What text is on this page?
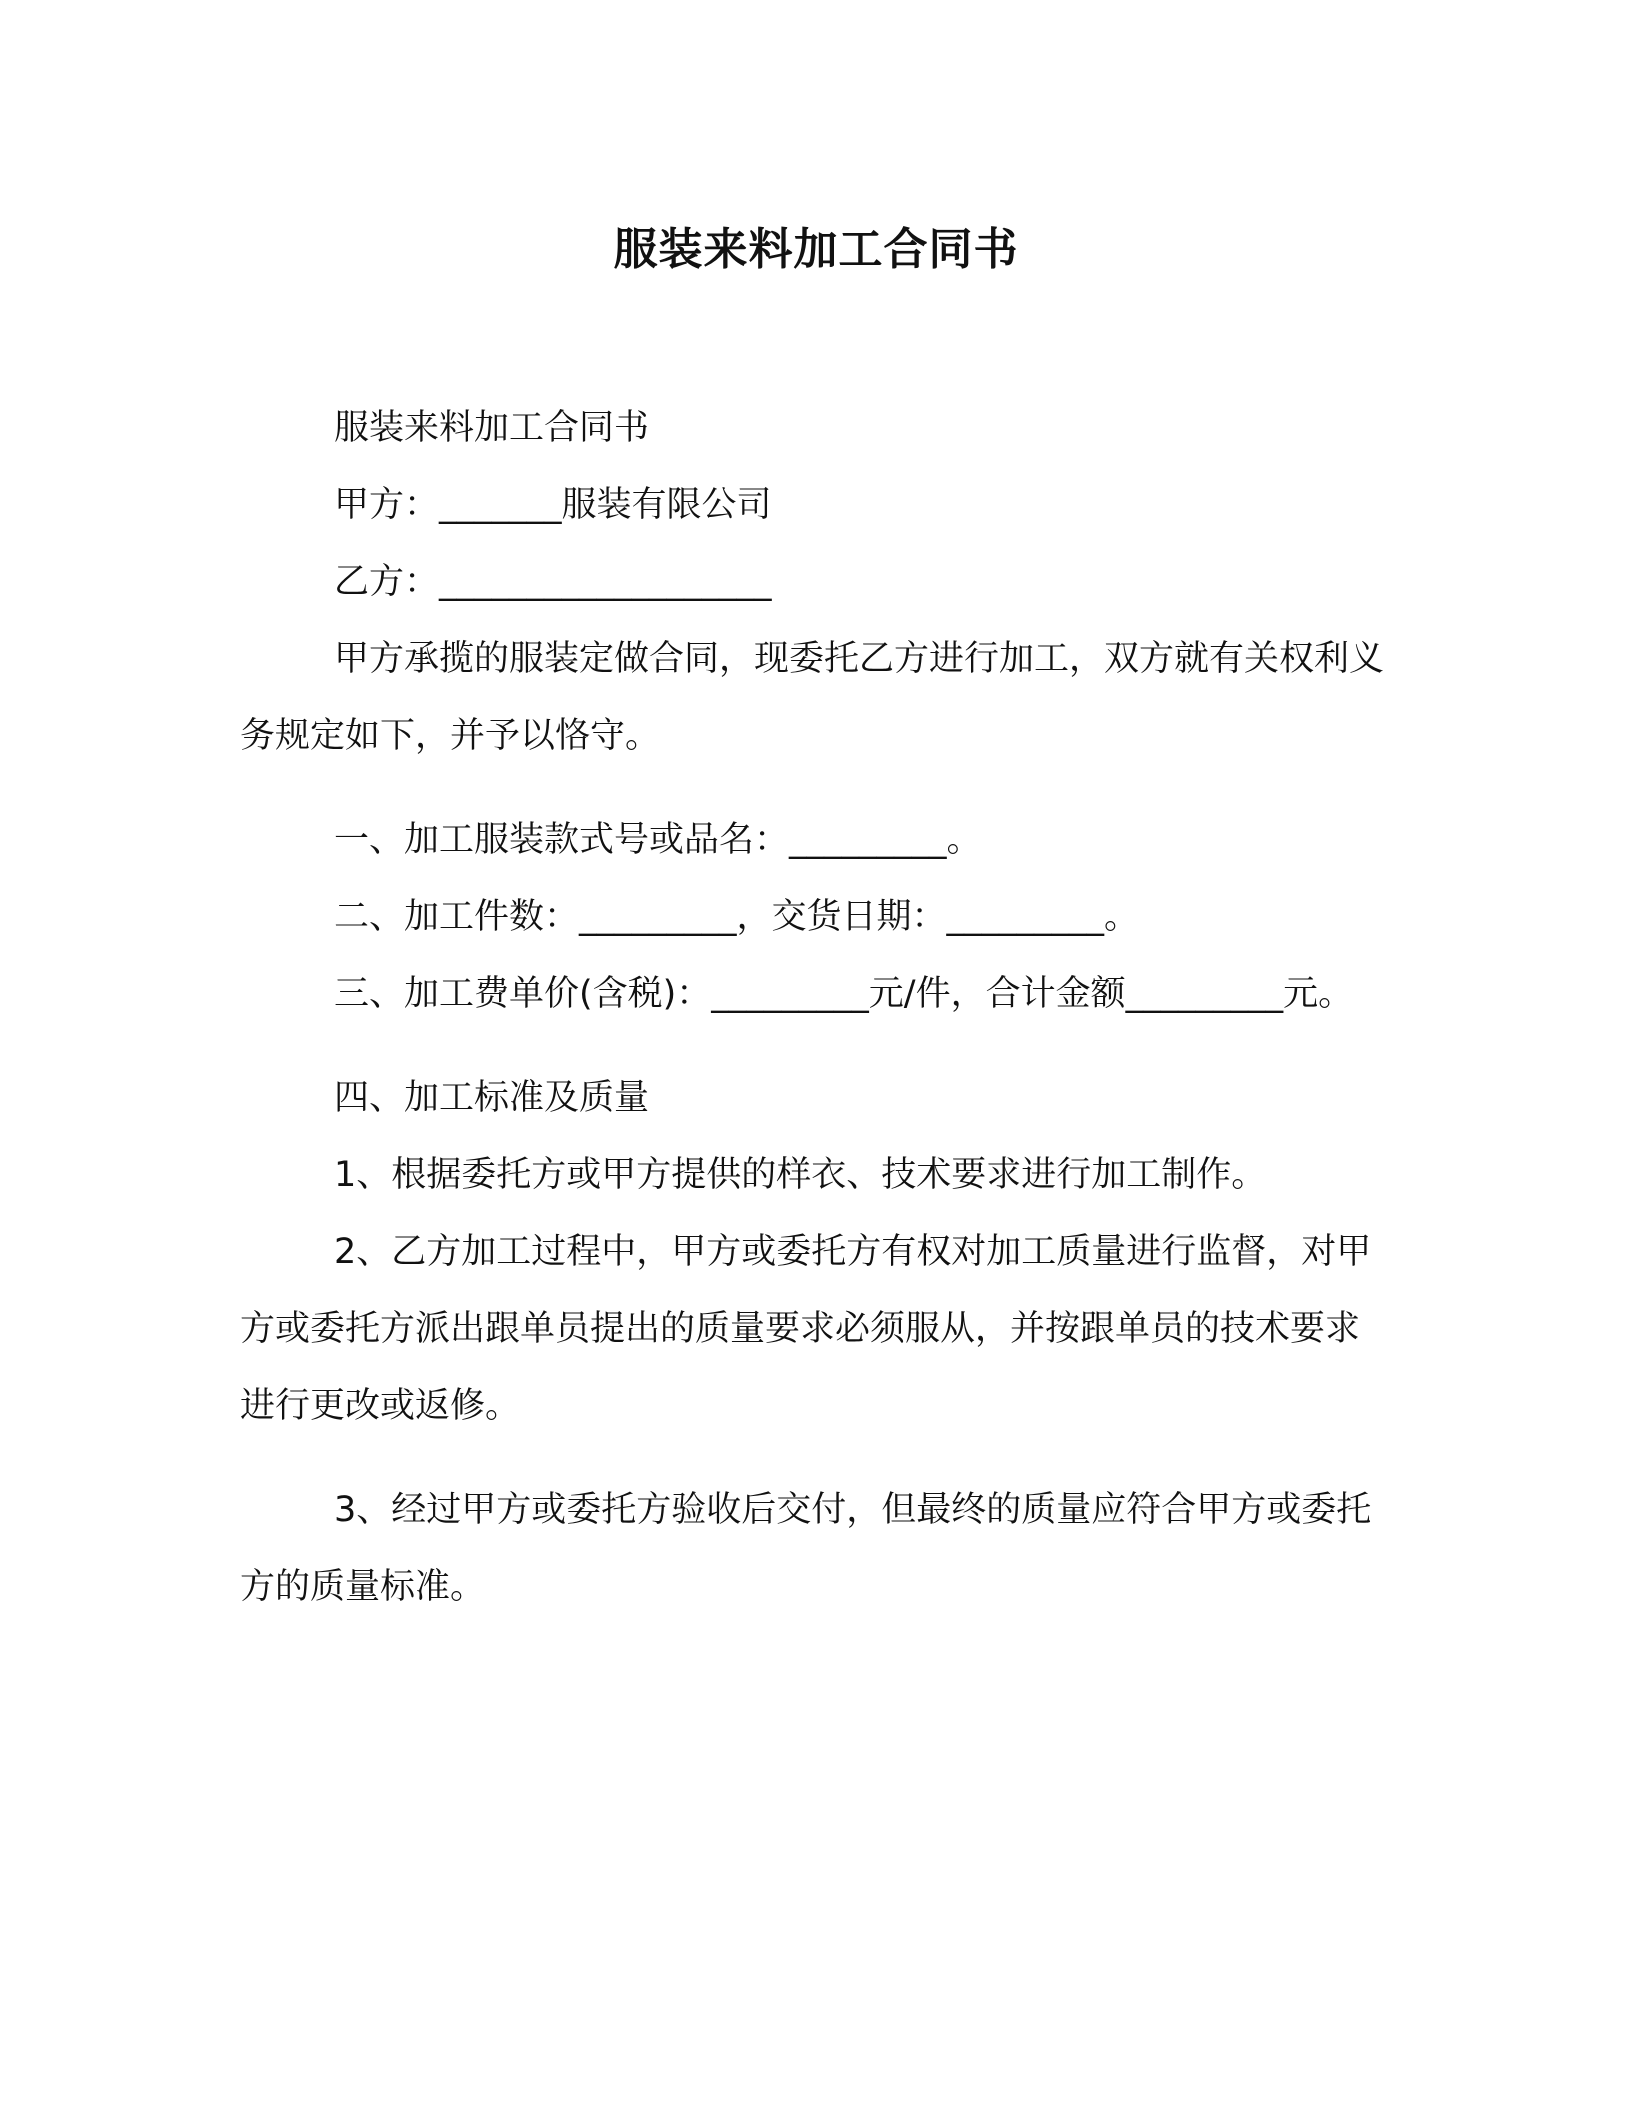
服装来料加工合同书

服装来料加工合同书

甲方：_______服装有限公司

乙方：___________________

甲方承揽的服装定做合同，现委托乙方进行加工，双方就有关权利义务规定如下，并予以恪守。

一、加工服装款式号或品名：_________。

二、加工件数：_________，交货日期：_________。

三、加工费单价(含税)：_________元/件，合计金额_________元。

四、加工标准及质量

1、根据委托方或甲方提供的样衣、技术要求进行加工制作。

2、乙方加工过程中，甲方或委托方有权对加工质量进行监督，对甲方或委托方派出跟单员提出的质量要求必须服从，并按跟单员的技术要求进行更改或返修。

3、经过甲方或委托方验收后交付，但最终的质量应符合甲方或委托方的质量标准。
